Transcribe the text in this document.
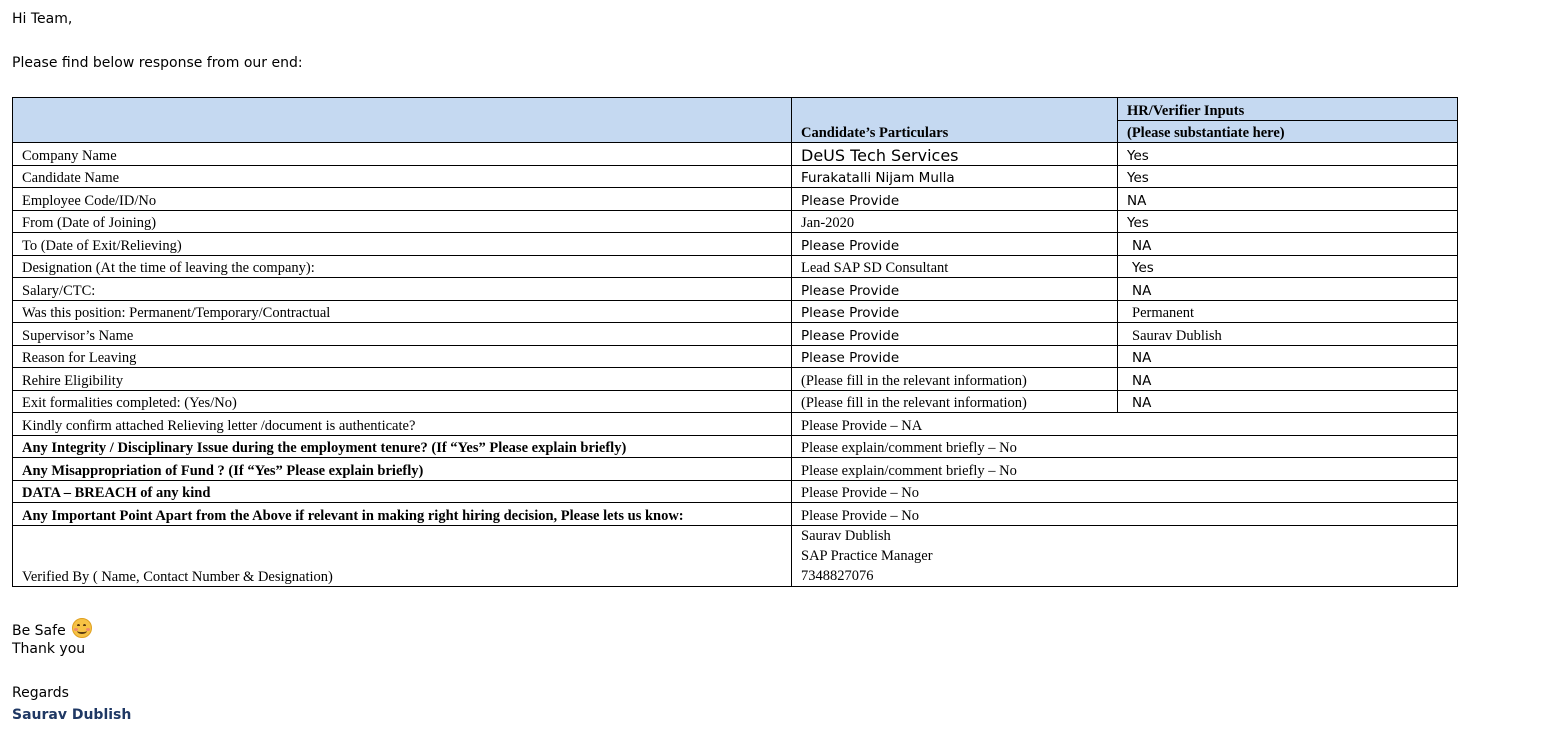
Hi Team,
Please find below response from our end:
	Candidate’s Particulars	HR/Verifier Inputs
		(Please substantiate here)
Company Name	DeUS Tech Services	Yes
Candidate Name	Furakatalli Nijam Mulla	Yes
Employee Code/ID/No	Please Provide	NA
From (Date of Joining)	Jan-2020	Yes
To (Date of Exit/Relieving)	Please Provide	NA
Designation (At the time of leaving the company):	Lead SAP SD Consultant	Yes
Salary/CTC:	Please Provide	NA
Was this position: Permanent/Temporary/Contractual	Please Provide	Permanent
Supervisor’s Name	Please Provide	Saurav Dublish
Reason for Leaving	Please Provide	NA
Rehire Eligibility	(Please fill in the relevant information)	NA
Exit formalities completed: (Yes/No)	(Please fill in the relevant information)	NA
Kindly confirm attached Relieving letter /document is authenticate?	Please Provide – NA	
Any Integrity / Disciplinary Issue during the employment tenure? (If “Yes” Please explain briefly)	Please explain/comment briefly – No	
Any Misappropriation of Fund ? (If “Yes” Please explain briefly)	Please explain/comment briefly – No	
DATA – BREACH of any kind	Please Provide – No	
Any Important Point Apart from the Above if relevant in making right hiring decision, Please lets us know:	Please Provide – No	
Verified By ( Name, Contact Number & Designation)	Saurav Dublish
SAP Practice Manager
7348827076	
Be Safe
Thank you
Regards
Saurav Dublish
